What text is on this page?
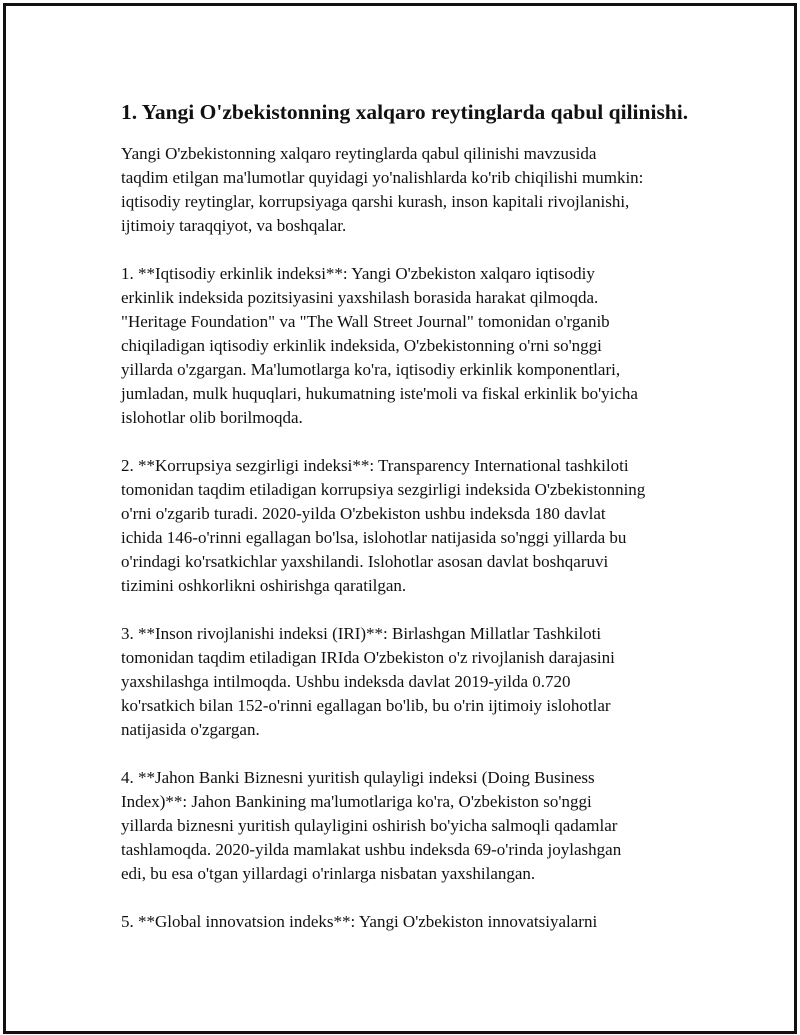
1. Yangi O'zbekistonning xalqaro reytinglarda qabul qilinishi.

Yangi O'zbekistonning xalqaro reytinglarda qabul qilinishi mavzusida
taqdim etilgan ma'lumotlar quyidagi yo'nalishlarda ko'rib chiqilishi mumkin:
iqtisodiy reytinglar, korrupsiyaga qarshi kurash, inson kapitali rivojlanishi,
ijtimoiy taraqqiyot, va boshqalar.

1. **Iqtisodiy erkinlik indeksi**: Yangi O'zbekiston xalqaro iqtisodiy
erkinlik indeksida pozitsiyasini yaxshilash borasida harakat qilmoqda.
"Heritage Foundation" va "The Wall Street Journal" tomonidan o'rganib
chiqiladigan iqtisodiy erkinlik indeksida, O'zbekistonning o'rni so'nggi
yillarda o'zgargan. Ma'lumotlarga ko'ra, iqtisodiy erkinlik komponentlari,
jumladan, mulk huquqlari, hukumatning iste'moli va fiskal erkinlik bo'yicha
islohotlar olib borilmoqda.

2. **Korrupsiya sezgirligi indeksi**: Transparency International tashkiloti
tomonidan taqdim etiladigan korrupsiya sezgirligi indeksida O'zbekistonning
o'rni o'zgarib turadi. 2020-yilda O'zbekiston ushbu indeksda 180 davlat
ichida 146-o'rinni egallagan bo'lsa, islohotlar natijasida so'nggi yillarda bu
o'rindagi ko'rsatkichlar yaxshilandi. Islohotlar asosan davlat boshqaruvi
tizimini oshkorlikni oshirishga qaratilgan.

3. **Inson rivojlanishi indeksi (IRI)**: Birlashgan Millatlar Tashkiloti
tomonidan taqdim etiladigan IRIda O'zbekiston o'z rivojlanish darajasini
yaxshilashga intilmoqda. Ushbu indeksda davlat 2019-yilda 0.720
ko'rsatkich bilan 152-o'rinni egallagan bo'lib, bu o'rin ijtimoiy islohotlar
natijasida o'zgargan.

4. **Jahon Banki Biznesni yuritish qulayligi indeksi (Doing Business
Index)**: Jahon Bankining ma'lumotlariga ko'ra, O'zbekiston so'nggi
yillarda biznesni yuritish qulayligini oshirish bo'yicha salmoqli qadamlar
tashlamoqda. 2020-yilda mamlakat ushbu indeksda 69-o'rinda joylashgan
edi, bu esa o'tgan yillardagi o'rinlarga nisbatan yaxshilangan.

5. **Global innovatsion indeks**: Yangi O'zbekiston innovatsiyalarni
